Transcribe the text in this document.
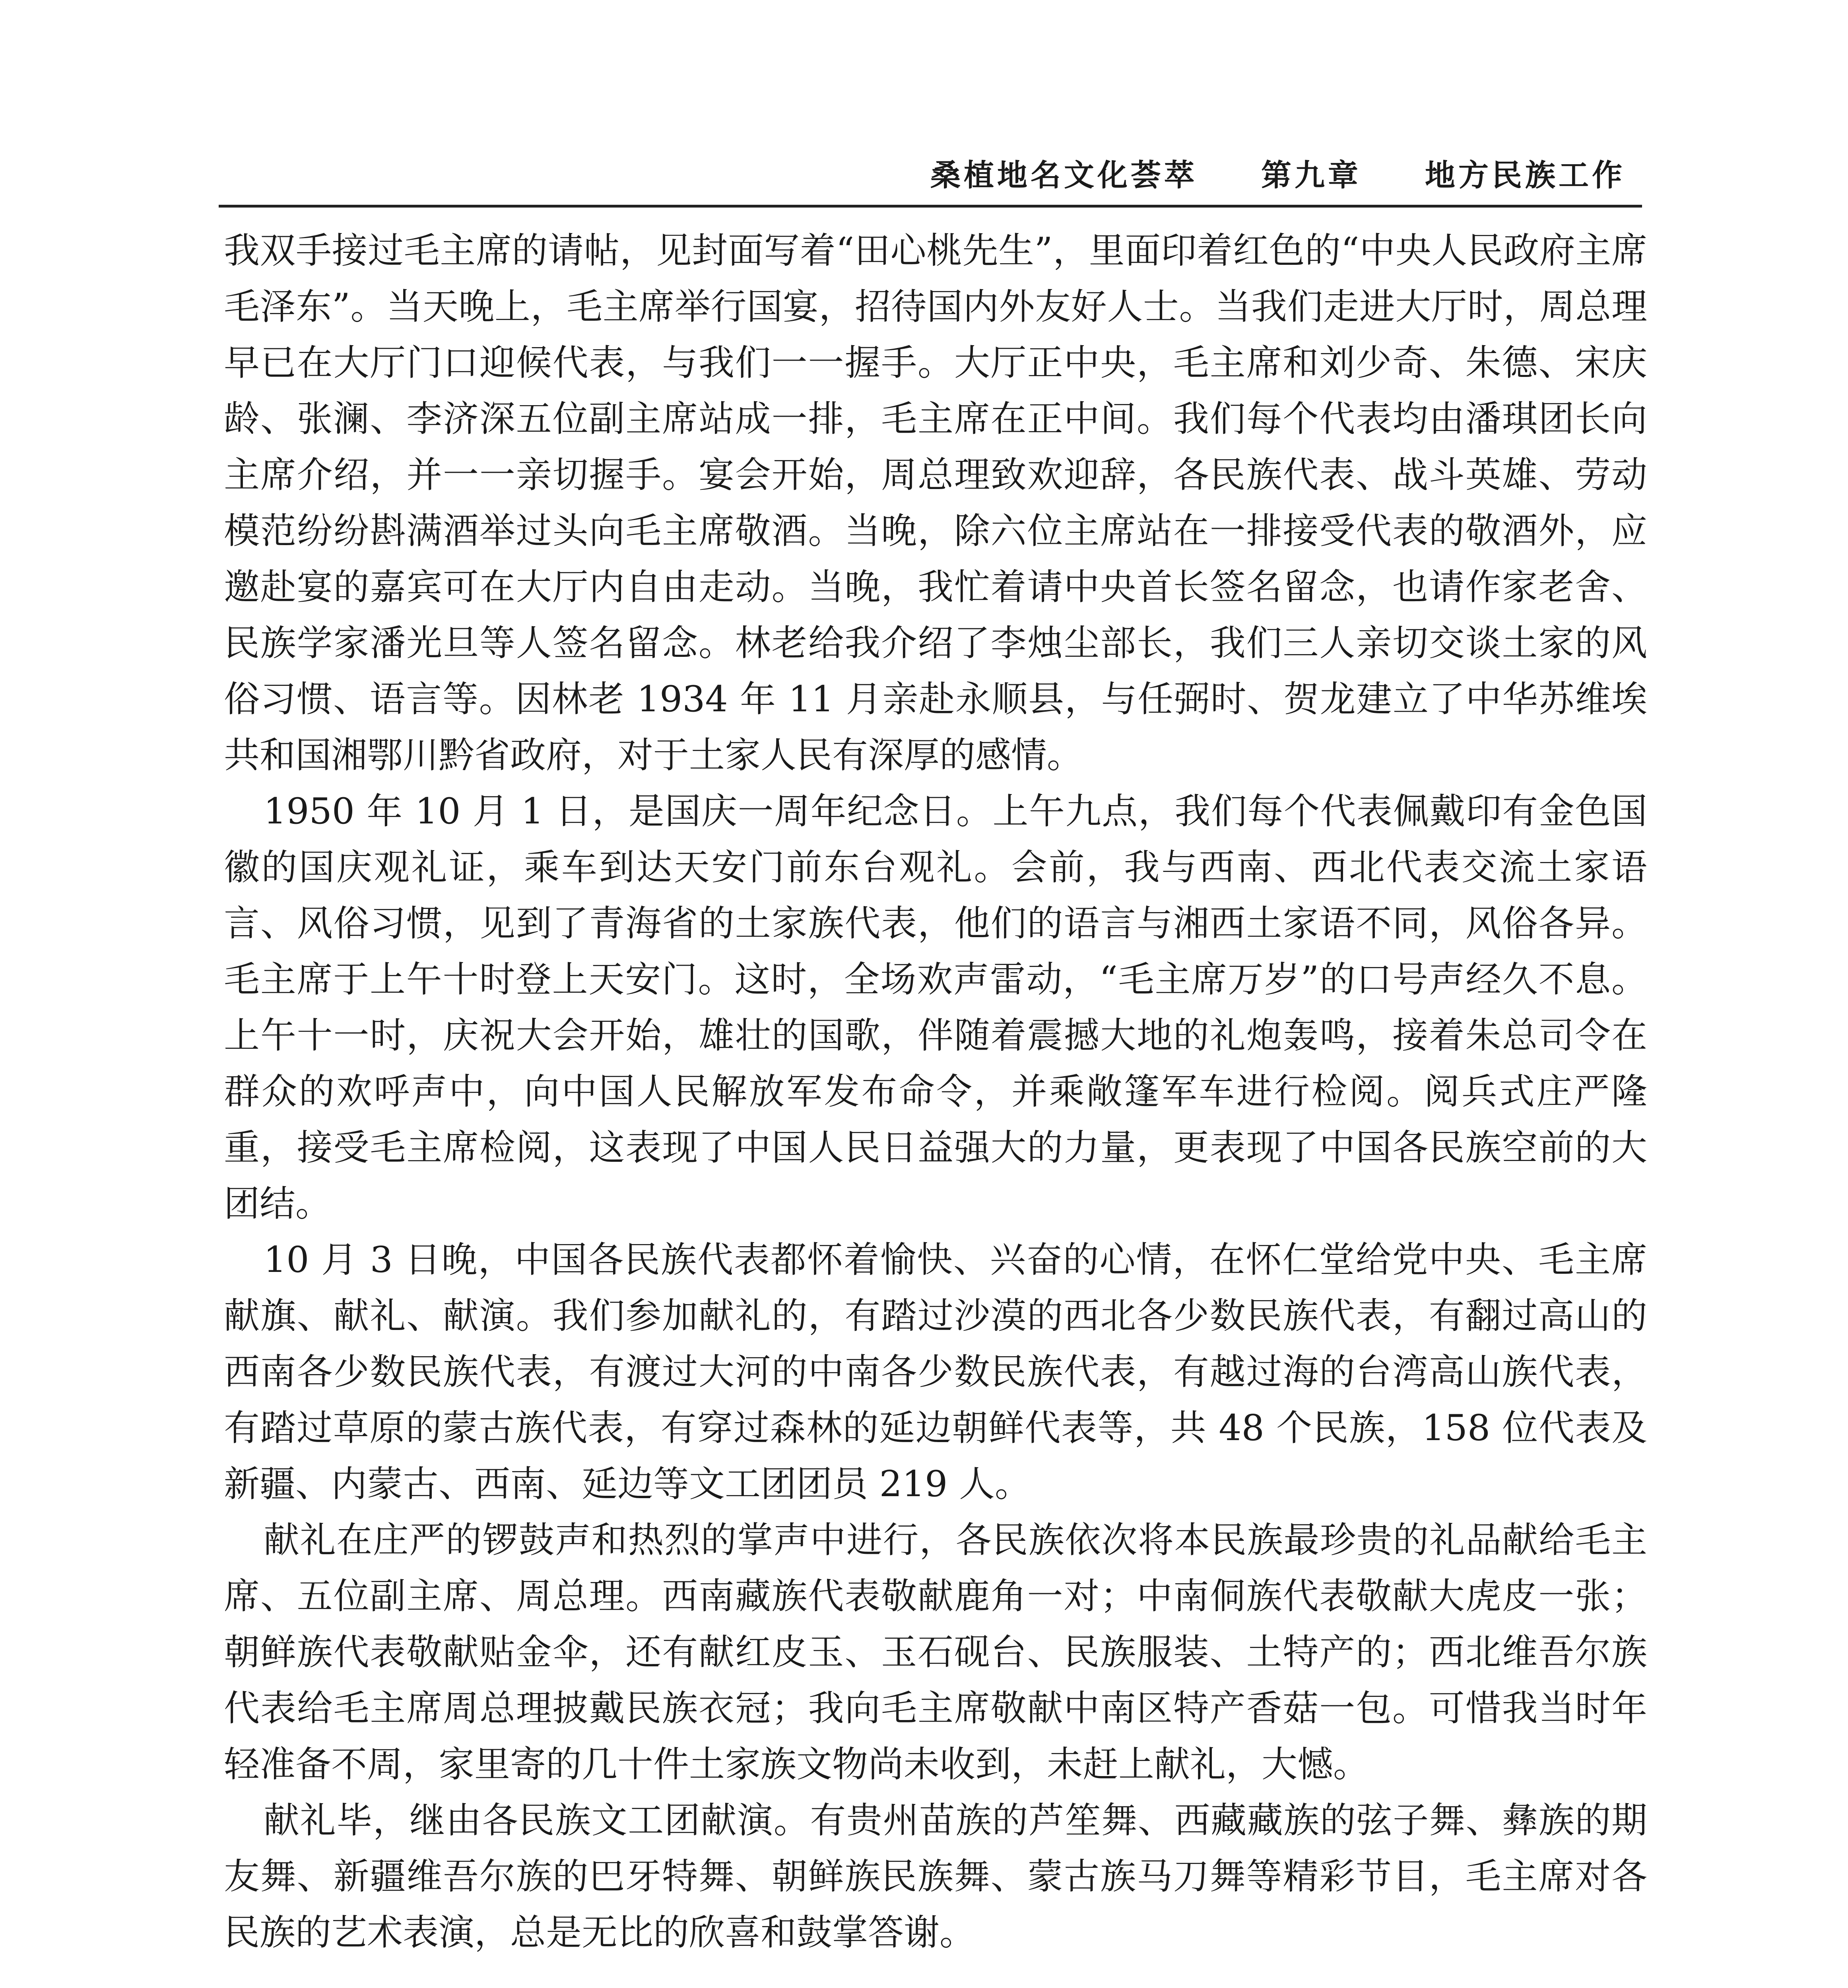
桑植地名文化荟萃 第九章 地方民族工作

我双手接过毛主席的请帖，见封面写着“田心桃先生”，里面印着红色的“中央人民政府主席毛泽东”。当天晚上，毛主席举行国宴，招待国内外友好人士。当我们走进大厅时，周总理早已在大厅门口迎候代表，与我们一一握手。大厅正中央，毛主席和刘少奇、朱德、宋庆龄、张澜、李济深五位副主席站成一排，毛主席在正中间。我们每个代表均由潘琪团长向主席介绍，并一一亲切握手。宴会开始，周总理致欢迎辞，各民族代表、战斗英雄、劳动模范纷纷斟满酒举过头向毛主席敬酒。当晚，除六位主席站在一排接受代表的敬酒外，应邀赴宴的嘉宾可在大厅内自由走动。当晚，我忙着请中央首长签名留念，也请作家老舍、民族学家潘光旦等人签名留念。林老给我介绍了李烛尘部长，我们三人亲切交谈土家的风俗习惯、语言等。因林老 1934 年 11 月亲赴永顺县，与任弼时、贺龙建立了中华苏维埃共和国湘鄂川黔省政府，对于土家人民有深厚的感情。

1950 年 10 月 1 日，是国庆一周年纪念日。上午九点，我们每个代表佩戴印有金色国徽的国庆观礼证，乘车到达天安门前东台观礼。会前，我与西南、西北代表交流土家语言、风俗习惯，见到了青海省的土家族代表，他们的语言与湘西土家语不同，风俗各异。毛主席于上午十时登上天安门。这时，全场欢声雷动，“毛主席万岁”的口号声经久不息。上午十一时，庆祝大会开始，雄壮的国歌，伴随着震撼大地的礼炮轰鸣，接着朱总司令在群众的欢呼声中，向中国人民解放军发布命令，并乘敞篷军车进行检阅。阅兵式庄严隆重，接受毛主席检阅，这表现了中国人民日益强大的力量，更表现了中国各民族空前的大团结。

10 月 3 日晚，中国各民族代表都怀着愉快、兴奋的心情，在怀仁堂给党中央、毛主席献旗、献礼、献演。我们参加献礼的，有踏过沙漠的西北各少数民族代表，有翻过高山的西南各少数民族代表，有渡过大河的中南各少数民族代表，有越过海的台湾高山族代表，有踏过草原的蒙古族代表，有穿过森林的延边朝鲜代表等，共 48 个民族，158 位代表及新疆、内蒙古、西南、延边等文工团团员 219 人。

献礼在庄严的锣鼓声和热烈的掌声中进行，各民族依次将本民族最珍贵的礼品献给毛主席、五位副主席、周总理。西南藏族代表敬献鹿角一对；中南侗族代表敬献大虎皮一张；朝鲜族代表敬献贴金伞，还有献红皮玉、玉石砚台、民族服装、土特产的；西北维吾尔族代表给毛主席周总理披戴民族衣冠；我向毛主席敬献中南区特产香菇一包。可惜我当时年轻准备不周，家里寄的几十件土家族文物尚未收到，未赶上献礼，大憾。

献礼毕，继由各民族文工团献演。有贵州苗族的芦笙舞、西藏藏族的弦子舞、彝族的期友舞、新疆维吾尔族的巴牙特舞、朝鲜族民族舞、蒙古族马刀舞等精彩节目，毛主席对各民族的艺术表演，总是无比的欣喜和鼓掌答谢。
